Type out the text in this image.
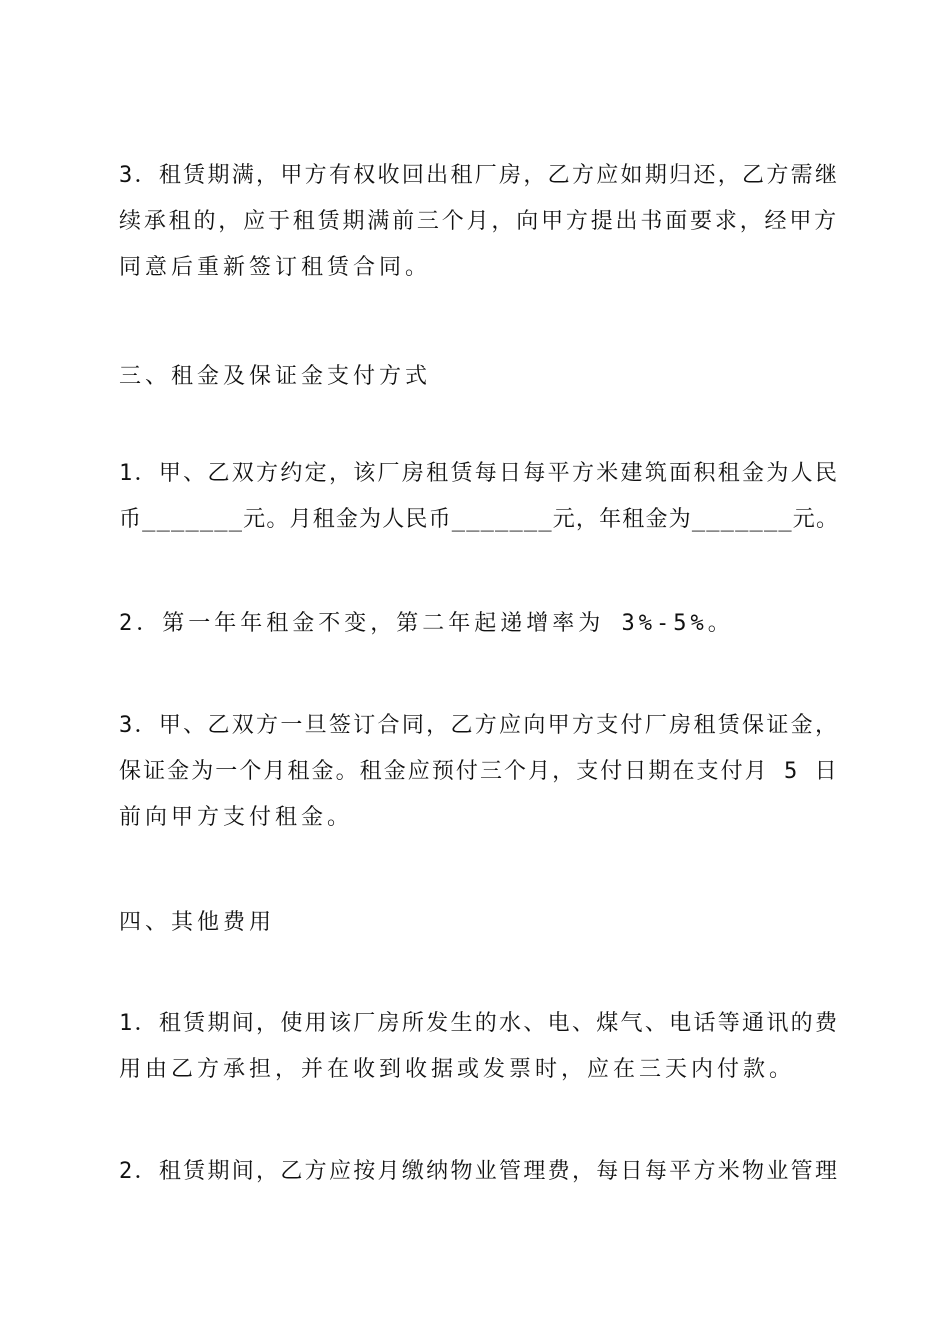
3．租赁期满，甲方有权收回出租厂房，乙方应如期归还，乙方需继
续承租的，应于租赁期满前三个月，向甲方提出书面要求，经甲方
同意后重新签订租赁合同。

三、租金及保证金支付方式

1．甲、乙双方约定，该厂房租赁每日每平方米建筑面积租金为人民
币_______元。月租金为人民币_______元，年租金为_______元。

2．第一年年租金不变，第二年起递增率为 3%-5%。

3．甲、乙双方一旦签订合同，乙方应向甲方支付厂房租赁保证金，
保证金为一个月租金。租金应预付三个月，支付日期在支付月 5 日
前向甲方支付租金。

四、其他费用

1．租赁期间，使用该厂房所发生的水、电、煤气、电话等通讯的费
用由乙方承担，并在收到收据或发票时，应在三天内付款。

2．租赁期间，乙方应按月缴纳物业管理费，每日每平方米物业管理
